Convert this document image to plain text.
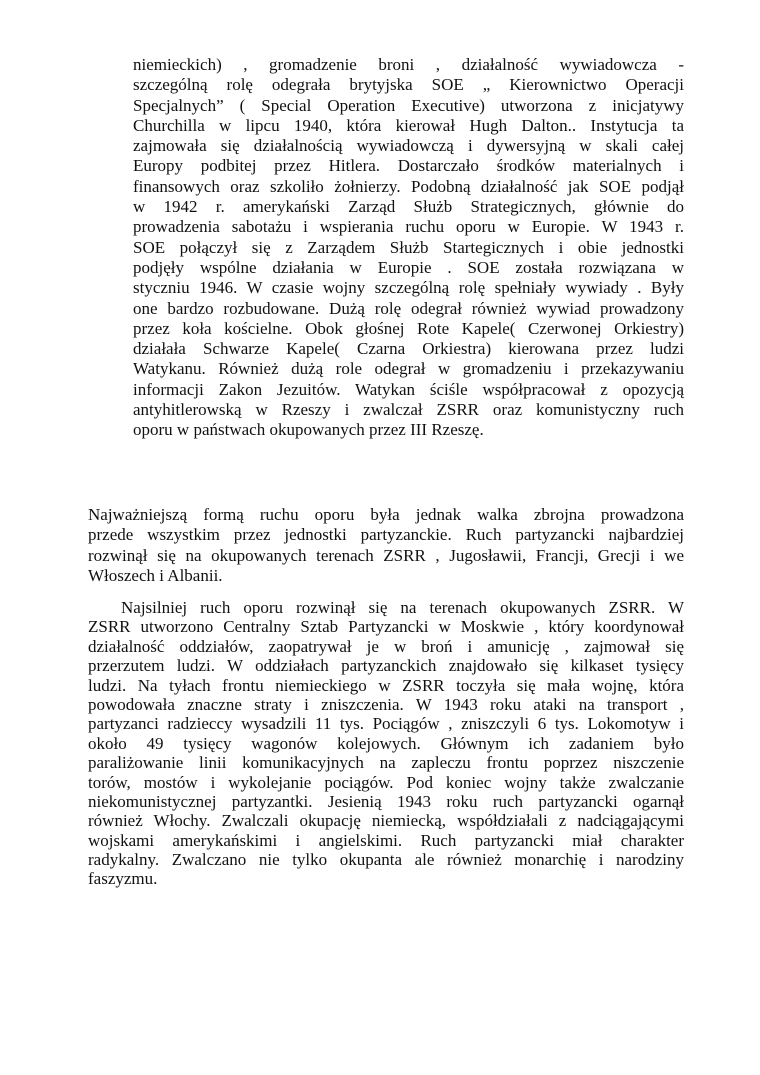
niemieckich) , gromadzenie broni , działalność wywiadowcza -
szczególną rolę odegrała brytyjska SOE „ Kierownictwo Operacji
Specjalnych” ( Special Operation Executive) utworzona z inicjatywy
Churchilla w lipcu 1940, która kierował Hugh Dalton.. Instytucja ta
zajmowała się działalnością wywiadowczą i dywersyjną w skali całej
Europy podbitej przez Hitlera. Dostarczało środków materialnych i
finansowych oraz szkoliło żołnierzy. Podobną działalność jak SOE podjął
w 1942 r. amerykański Zarząd Służb Strategicznych, głównie do
prowadzenia sabotażu i wspierania ruchu oporu w Europie. W 1943 r.
SOE połączył się z Zarządem Służb Startegicznych i obie jednostki
podjęły wspólne działania w Europie . SOE została rozwiązana w
styczniu 1946. W czasie wojny szczególną rolę spełniały wywiady . Były
one bardzo rozbudowane. Dużą rolę odegrał również wywiad prowadzony
przez koła kościelne. Obok głośnej Rote Kapele( Czerwonej Orkiestry)
działała Schwarze Kapele( Czarna Orkiestra) kierowana przez ludzi
Watykanu. Również dużą role odegrał w gromadzeniu i przekazywaniu
informacji Zakon Jezuitów. Watykan ściśle współpracował z opozycją
antyhitlerowską w Rzeszy i zwalczał ZSRR oraz komunistyczny ruch
oporu w państwach okupowanych przez III Rzeszę.
Najważniejszą formą ruchu oporu była jednak walka zbrojna prowadzona
przede wszystkim przez jednostki partyzanckie. Ruch partyzancki najbardziej
rozwinął się na okupowanych terenach ZSRR , Jugosławii, Francji, Grecji i we
Włoszech i Albanii.
Najsilniej ruch oporu rozwinął się na terenach okupowanych ZSRR. W
ZSRR utworzono Centralny Sztab Partyzancki w Moskwie , który koordynował
działalność oddziałów, zaopatrywał je w broń i amunicję , zajmował się
przerzutem ludzi. W oddziałach partyzanckich znajdowało się kilkaset tysięcy
ludzi. Na tyłach frontu niemieckiego w ZSRR toczyła się mała wojnę, która
powodowała znaczne straty i zniszczenia. W 1943 roku ataki na transport ,
partyzanci radzieccy wysadzili 11 tys. Pociągów , zniszczyli 6 tys. Lokomotyw i
około 49 tysięcy wagonów kolejowych. Głównym ich zadaniem było
paraliżowanie linii komunikacyjnych na zapleczu frontu poprzez niszczenie
torów, mostów i wykolejanie pociągów. Pod koniec wojny także zwalczanie
niekomunistycznej partyzantki. Jesienią 1943 roku ruch partyzancki ogarnął
również Włochy. Zwalczali okupację niemiecką, współdziałali z nadciągającymi
wojskami amerykańskimi i angielskimi. Ruch partyzancki miał charakter
radykalny. Zwalczano nie tylko okupanta ale również monarchię i narodziny
faszyzmu.
